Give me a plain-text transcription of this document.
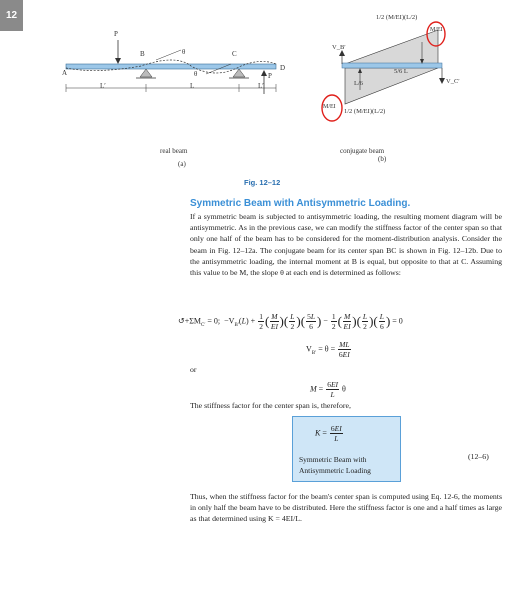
12
P
P
A
B	C
D
θ
θ
L′	L	L′
real beam
(a)
1/2 (M/EI)(L/2)
M/EI
V_B′
V_C′
5/6 L
L/6
M/EI
1/2 (M/EI)(L/2)
conjugate beam
(b)
Fig. 12–12
Symmetric Beam with Antisymmetric Loading.
If a symmetric beam is subjected to antisymmetric loading, the resulting moment diagram will be antisymmetric. As in the previous case, we can modify the stiffness factor of the center span so that only one half of the beam has to be considered for the moment-distribution analysis. Consider the beam in Fig. 12–12a. The conjugate beam for its center span BC is shown in Fig. 12–12b. Due to the antisymmetric loading, the internal moment at B is equal, but opposite to that at C. Assuming this value to be M, the slope θ at each end is determined as follows:
$↺+\Sigma M_{C'} = 0$;  $-V_{B'}(L) + \frac{1}{2}$ ( $\frac{M}{EI}$ )( $\frac{L}{2}$ )( $\frac{5L}{6}$ ) − $\frac{1}{2}$ ( $\frac{M}{EI}$ )( $\frac{L}{2}$ )( $\frac{L}{6}$ ) = 0
$V_{B'} = \theta = \frac{ML}{6EI}$
or
$M = \frac{6EI}{L}$ θ
The stiffness factor for the center span is, therefore,
$K = \frac{6EI}{L}$
Symmetric Beam with
Antisymmetric Loading
(12–6)
Thus, when the stiffness factor for the beam's center span is computed using Eq. 12-6, the moments in only half the beam have to be distributed. Here the stiffness factor is one and a half times as large as that determined using K = 4EI/L.
